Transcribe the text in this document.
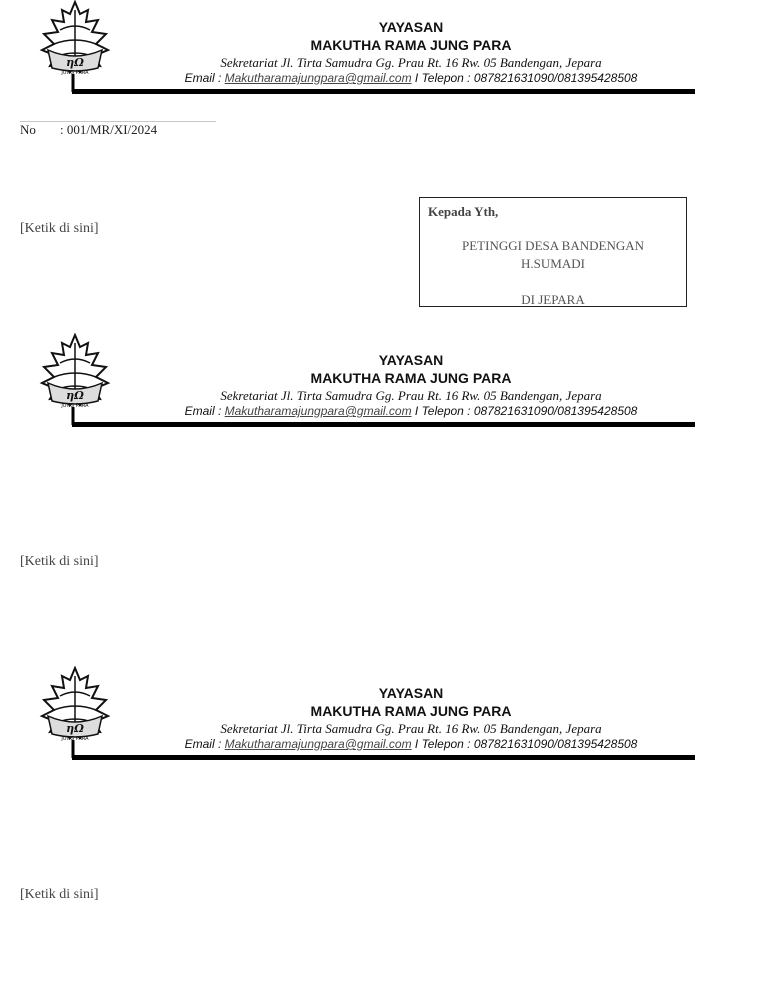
ηΩ
JUNG PARA
YAYASAN
MAKUTHA RAMA JUNG PARA
Sekretariat Jl. Tirta Samudra Gg. Prau Rt. 16 Rw. 05 Bandengan, Jepara
Email : Makutharamajungpara@gmail.com I Telepon : 087821631090/081395428508
No : 001/MR/XI/2024
[Ketik di sini]
Kepada Yth,
PETINGGI DESA BANDENGAN
H.SUMADI
DI JEPARA
ηΩ
JUNG PARA
YAYASAN
MAKUTHA RAMA JUNG PARA
Sekretariat Jl. Tirta Samudra Gg. Prau Rt. 16 Rw. 05 Bandengan, Jepara
Email : Makutharamajungpara@gmail.com I Telepon : 087821631090/081395428508
[Ketik di sini]
ηΩ
JUNG PARA
YAYASAN
MAKUTHA RAMA JUNG PARA
Sekretariat Jl. Tirta Samudra Gg. Prau Rt. 16 Rw. 05 Bandengan, Jepara
Email : Makutharamajungpara@gmail.com I Telepon : 087821631090/081395428508
[Ketik di sini]
